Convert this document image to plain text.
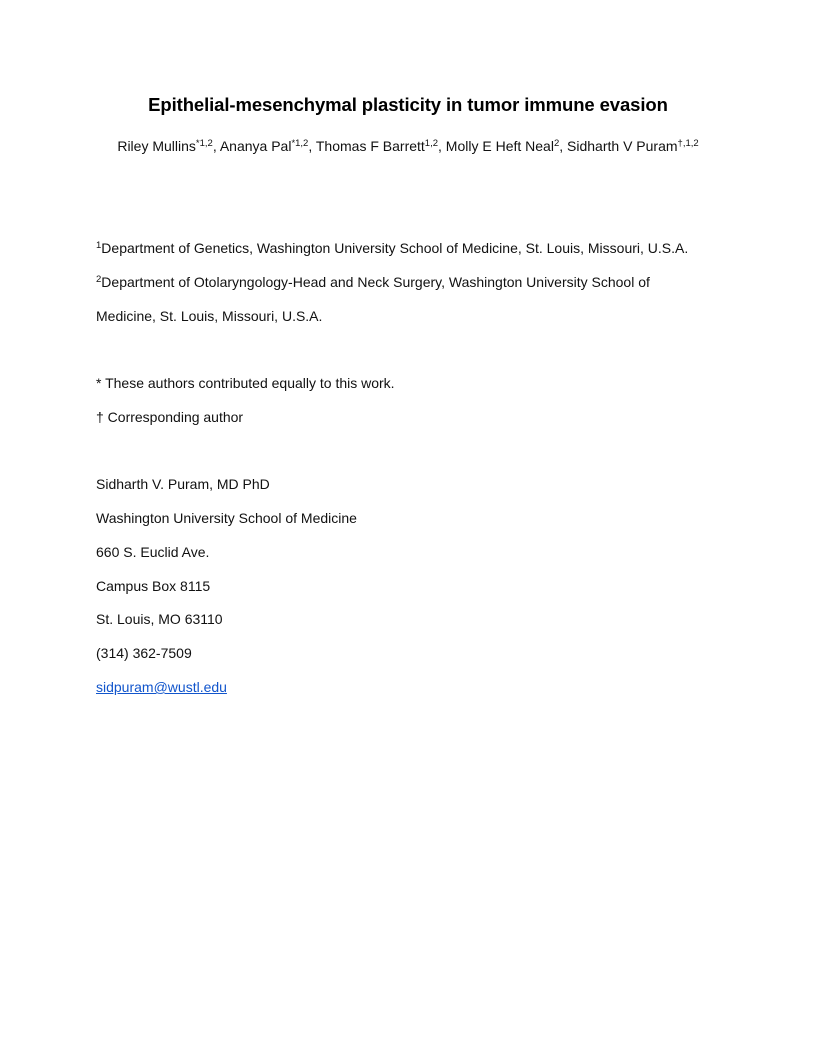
Epithelial-mesenchymal plasticity in tumor immune evasion
Riley Mullins$^{*1,2}$, Ananya Pal$^{*1,2}$, Thomas F Barrett$^{1,2}$, Molly E Heft Neal$^2$, Sidharth V Puram$^{\dagger,1,2}$
$^1$Department of Genetics, Washington University School of Medicine, St. Louis, Missouri, U.S.A.
$^2$Department of Otolaryngology-Head and Neck Surgery, Washington University School of
Medicine, St. Louis, Missouri, U.S.A.
* These authors contributed equally to this work.
† Corresponding author
Sidharth V. Puram, MD PhD
Washington University School of Medicine
660 S. Euclid Ave.
Campus Box 8115
St. Louis, MO 63110
(314) 362-7509
sidpuram@wustl.edu
